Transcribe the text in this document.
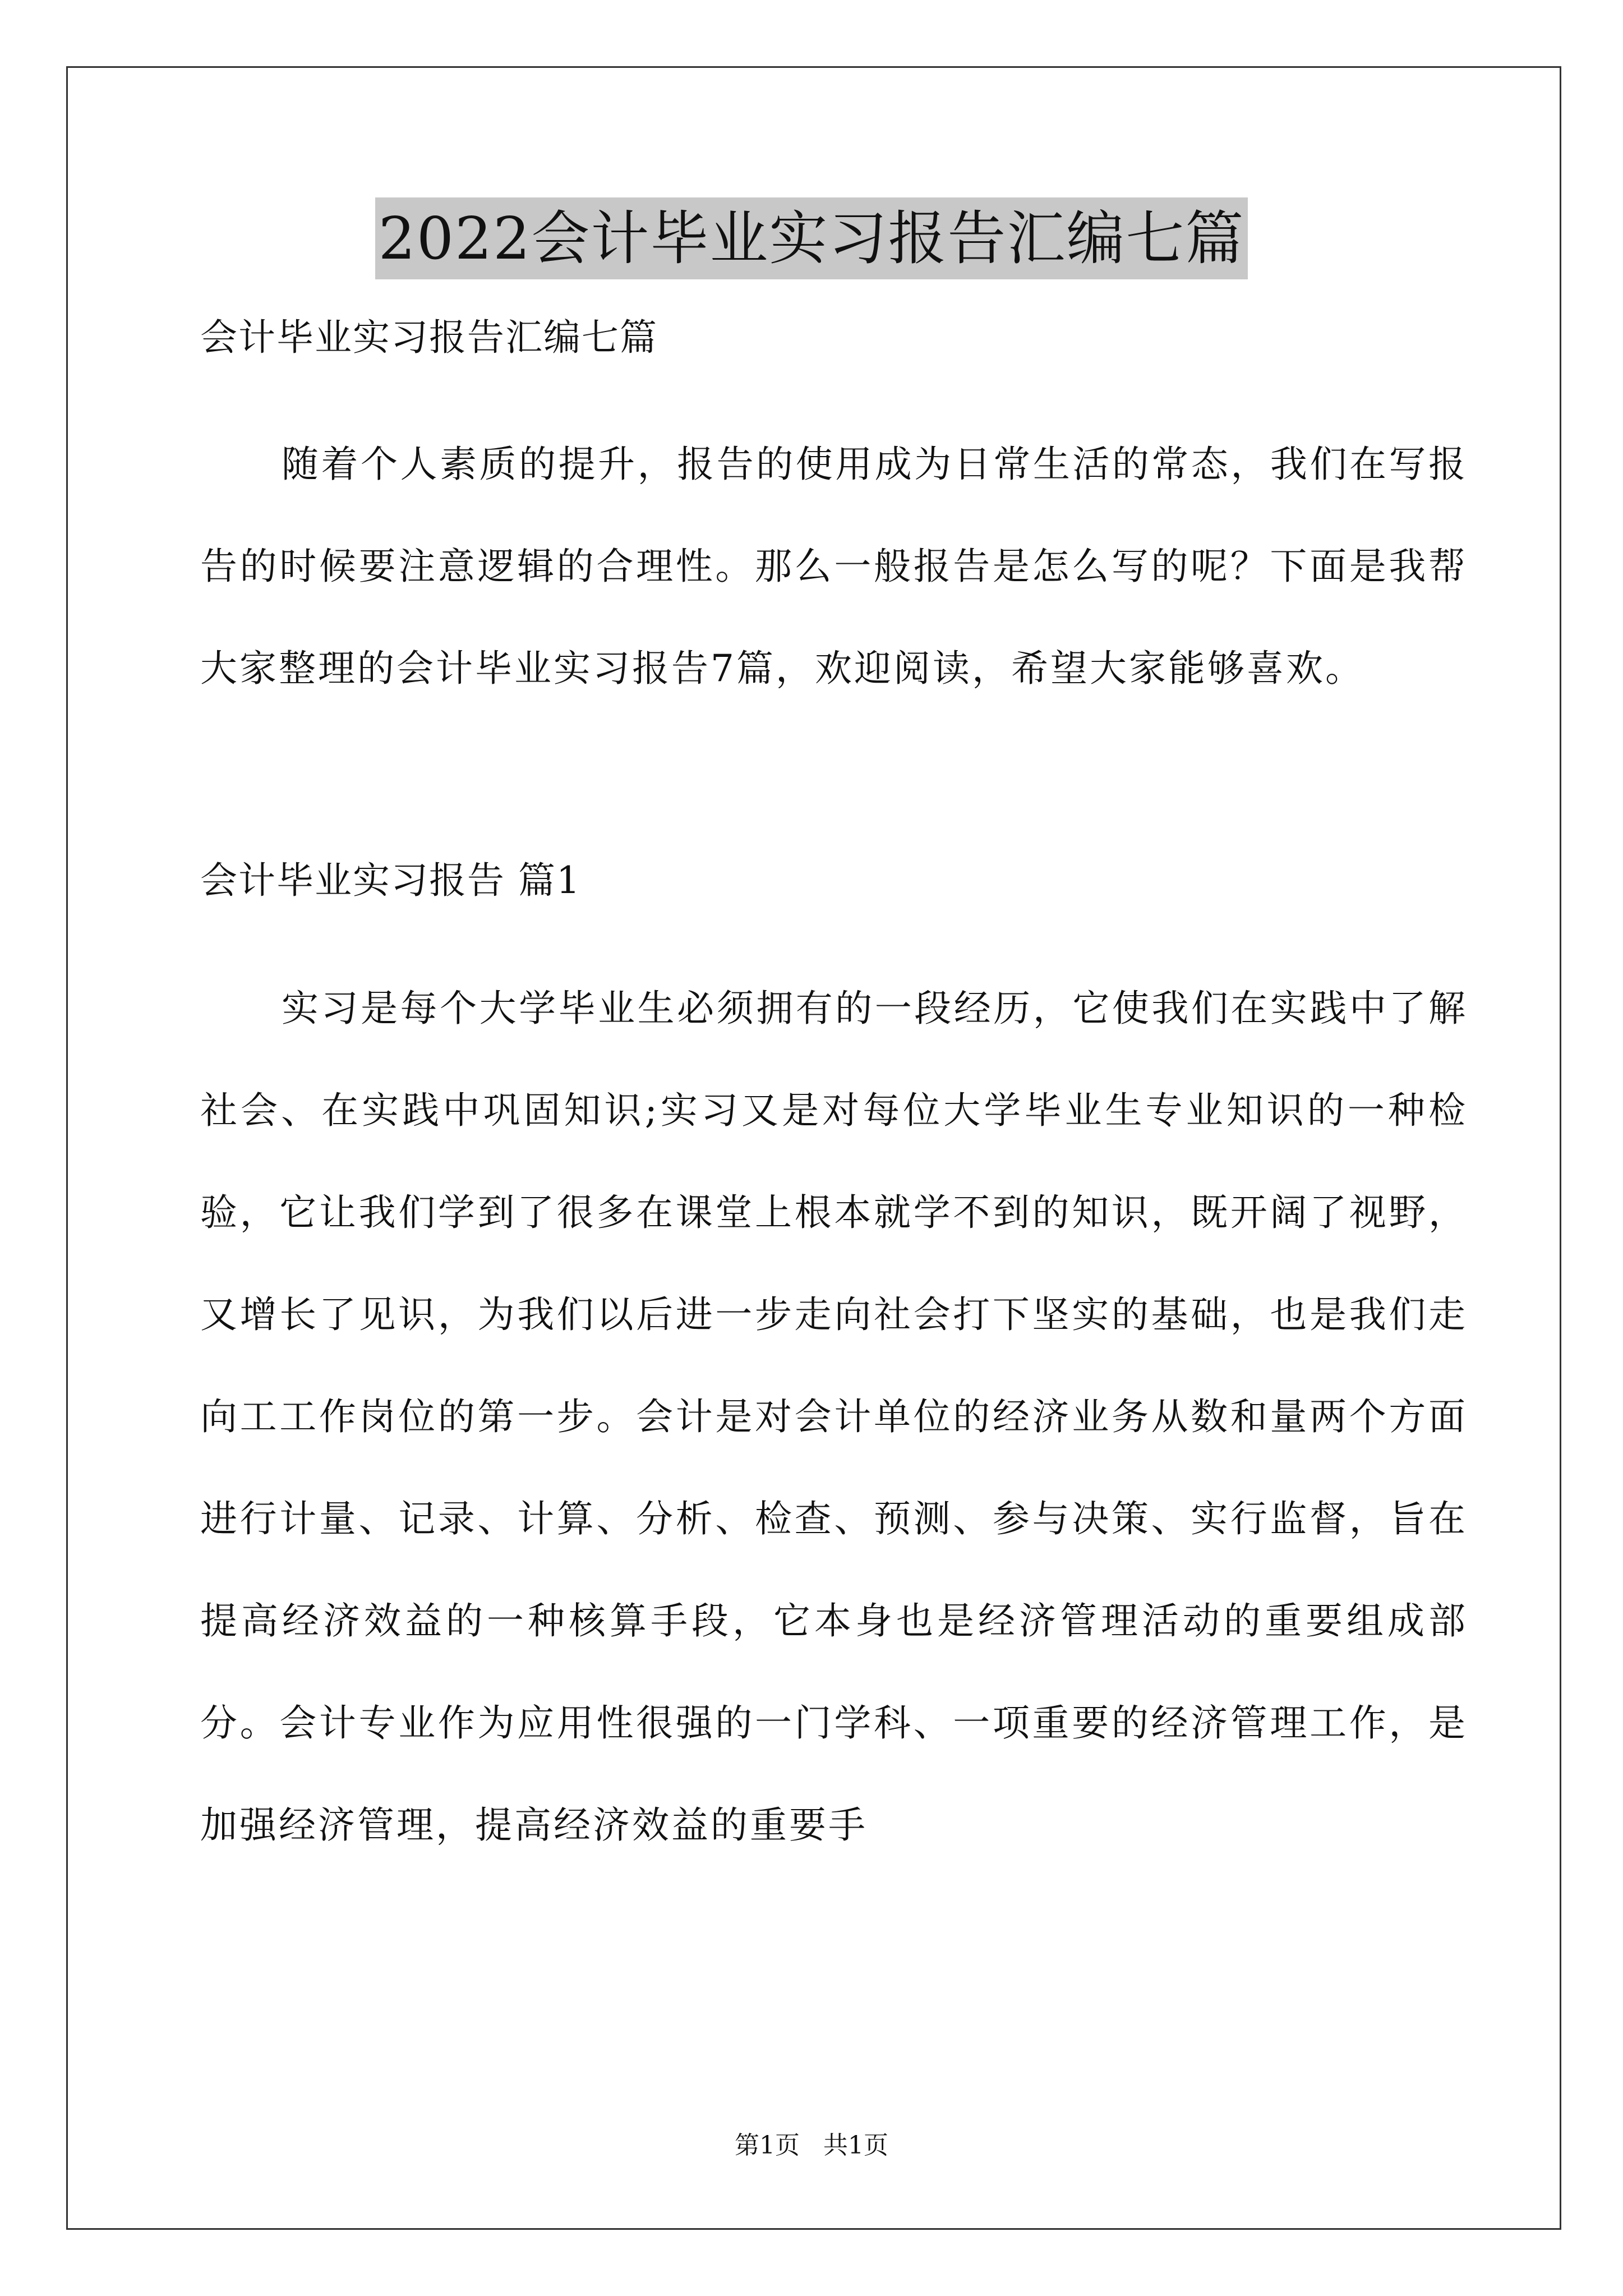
2022会计毕业实习报告汇编七篇

会计毕业实习报告汇编七篇

随着个人素质的提升，报告的使用成为日常生活的常态，我们在写报告的时候要注意逻辑的合理性。那么一般报告是怎么写的呢？下面是我帮大家整理的会计毕业实习报告7篇，欢迎阅读，希望大家能够喜欢。

会计毕业实习报告 篇1

实习是每个大学毕业生必须拥有的一段经历，它使我们在实践中了解社会、在实践中巩固知识;实习又是对每位大学毕业生专业知识的一种检验，它让我们学到了很多在课堂上根本就学不到的知识，既开阔了视野，又增长了见识，为我们以后进一步走向社会打下坚实的基础，也是我们走向工工作岗位的第一步。会计是对会计单位的经济业务从数和量两个方面进行计量、记录、计算、分析、检查、预测、参与决策、实行监督，旨在提高经济效益的一种核算手段，它本身也是经济管理活动的重要组成部分。会计专业作为应用性很强的一门学科、一项重要的经济管理工作，是加强经济管理，提高经济效益的重要手

第1页 共1页
